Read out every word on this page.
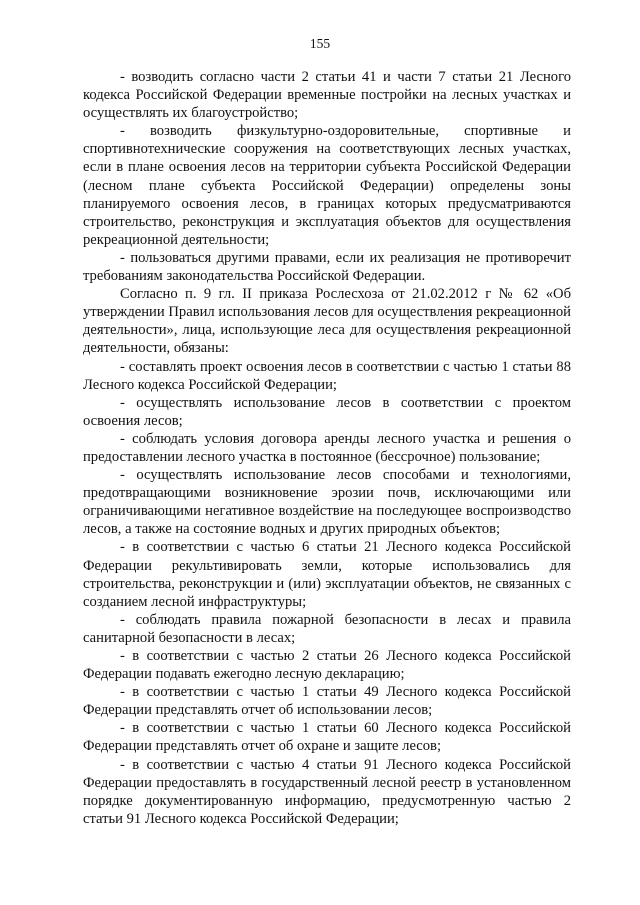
155

- возводить согласно части 2 статьи 41 и части 7 статьи 21 Лесного кодекса Российской Федерации временные постройки на лесных участках и осуществлять их благоустройство;

- возводить физкультурно-оздоровительные, спортивные и спортивнотехнические сооружения на соответствующих лесных участках, если в плане освоения лесов на территории субъекта Российской Федерации (лесном плане субъекта Российской Федерации) определены зоны планируемого освоения лесов, в границах которых предусматриваются строительство, реконструкция и эксплуатация объектов для осуществления рекреационной деятельности;

- пользоваться другими правами, если их реализация не противоречит требованиям законодательства Российской Федерации.

Согласно п. 9 гл. II приказа Рослесхоза от 21.02.2012 г № 62 «Об утверждении Правил использования лесов для осуществления рекреационной деятельности», лица, использующие леса для осуществления рекреационной деятельности, обязаны:

- составлять проект освоения лесов в соответствии с частью 1 статьи 88 Лесного кодекса Российской Федерации;

- осуществлять использование лесов в соответствии с проектом освоения лесов;

- соблюдать условия договора аренды лесного участка и решения о предоставлении лесного участка в постоянное (бессрочное) пользование;

- осуществлять использование лесов способами и технологиями, предотвращающими возникновение эрозии почв, исключающими или ограничивающими негативное воздействие на последующее воспроизводство лесов, а также на состояние водных и других природных объектов;

- в соответствии с частью 6 статьи 21 Лесного кодекса Российской Федерации рекультивировать земли, которые использовались для строительства, реконструкции и (или) эксплуатации объектов, не связанных с созданием лесной инфраструктуры;

- соблюдать правила пожарной безопасности в лесах и правила санитарной безопасности в лесах;

- в соответствии с частью 2 статьи 26 Лесного кодекса Российской Федерации подавать ежегодно лесную декларацию;

- в соответствии с частью 1 статьи 49 Лесного кодекса Российской Федерации представлять отчет об использовании лесов;

- в соответствии с частью 1 статьи 60 Лесного кодекса Российской Федерации представлять отчет об охране и защите лесов;

- в соответствии с частью 4 статьи 91 Лесного кодекса Российской Федерации предоставлять в государственный лесной реестр в установленном порядке документированную информацию, предусмотренную частью 2 статьи 91 Лесного кодекса Российской Федерации;
